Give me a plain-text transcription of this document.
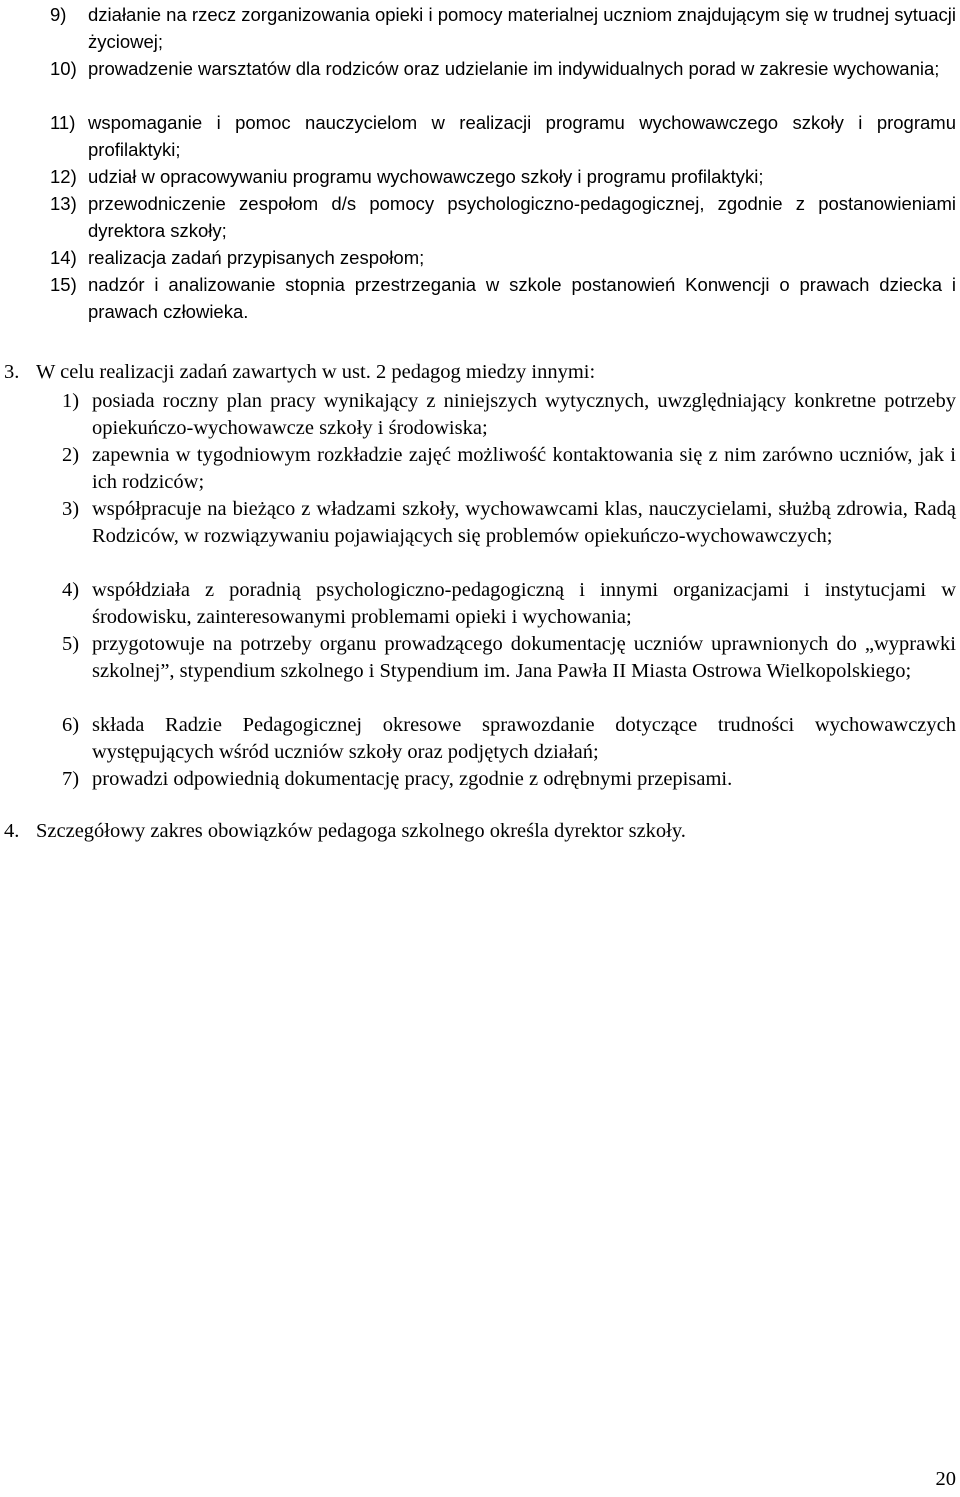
9)	działanie na rzecz zorganizowania opieki i pomocy materialnej uczniom znajdującym się w trudnej sytuacji życiowej;
10) prowadzenie warsztatów dla rodziców oraz udzielanie im indywidualnych porad w zakresie wychowania;
11) wspomaganie i pomoc nauczycielom w realizacji programu wychowawczego szkoły i programu profilaktyki;
12) udział w opracowywaniu programu wychowawczego szkoły i programu profilaktyki;
13) przewodniczenie zespołom d/s pomocy psychologiczno-pedagogicznej, zgodnie z postanowieniami dyrektora szkoły;
14) realizacja zadań przypisanych zespołom;
15) nadzór i analizowanie stopnia przestrzegania w szkole postanowień Konwencji o prawach dziecka i prawach człowieka.
3. W celu realizacji zadań zawartych w ust. 2 pedagog miedzy innymi:
1) posiada roczny plan pracy wynikający z niniejszych wytycznych, uwzględniający konkretne potrzeby opiekuńczo-wychowawcze szkoły i środowiska;
2) zapewnia w tygodniowym rozkładzie zajęć możliwość kontaktowania się z nim zarówno uczniów, jak i ich rodziców;
3) współpracuje na bieżąco z władzami szkoły, wychowawcami klas, nauczycielami, służbą zdrowia, Radą Rodziców, w rozwiązywaniu pojawiających się problemów opiekuńczo-wychowawczych;
4) współdziała z poradnią psychologiczno-pedagogiczną i innymi organizacjami i instytucjami w środowisku, zainteresowanymi problemami opieki i wychowania;
5) przygotowuje na potrzeby organu prowadzącego dokumentację uczniów uprawnionych do „wyprawki szkolnej”, stypendium szkolnego i Stypendium im. Jana Pawła II Miasta Ostrowa Wielkopolskiego;
6) składa Radzie Pedagogicznej okresowe sprawozdanie dotyczące trudności wychowawczych występujących wśród uczniów szkoły oraz podjętych działań;
7) prowadzi odpowiednią dokumentację pracy, zgodnie z odrębnymi przepisami.
4. Szczegółowy zakres obowiązków pedagoga szkolnego określa dyrektor szkoły.
20
